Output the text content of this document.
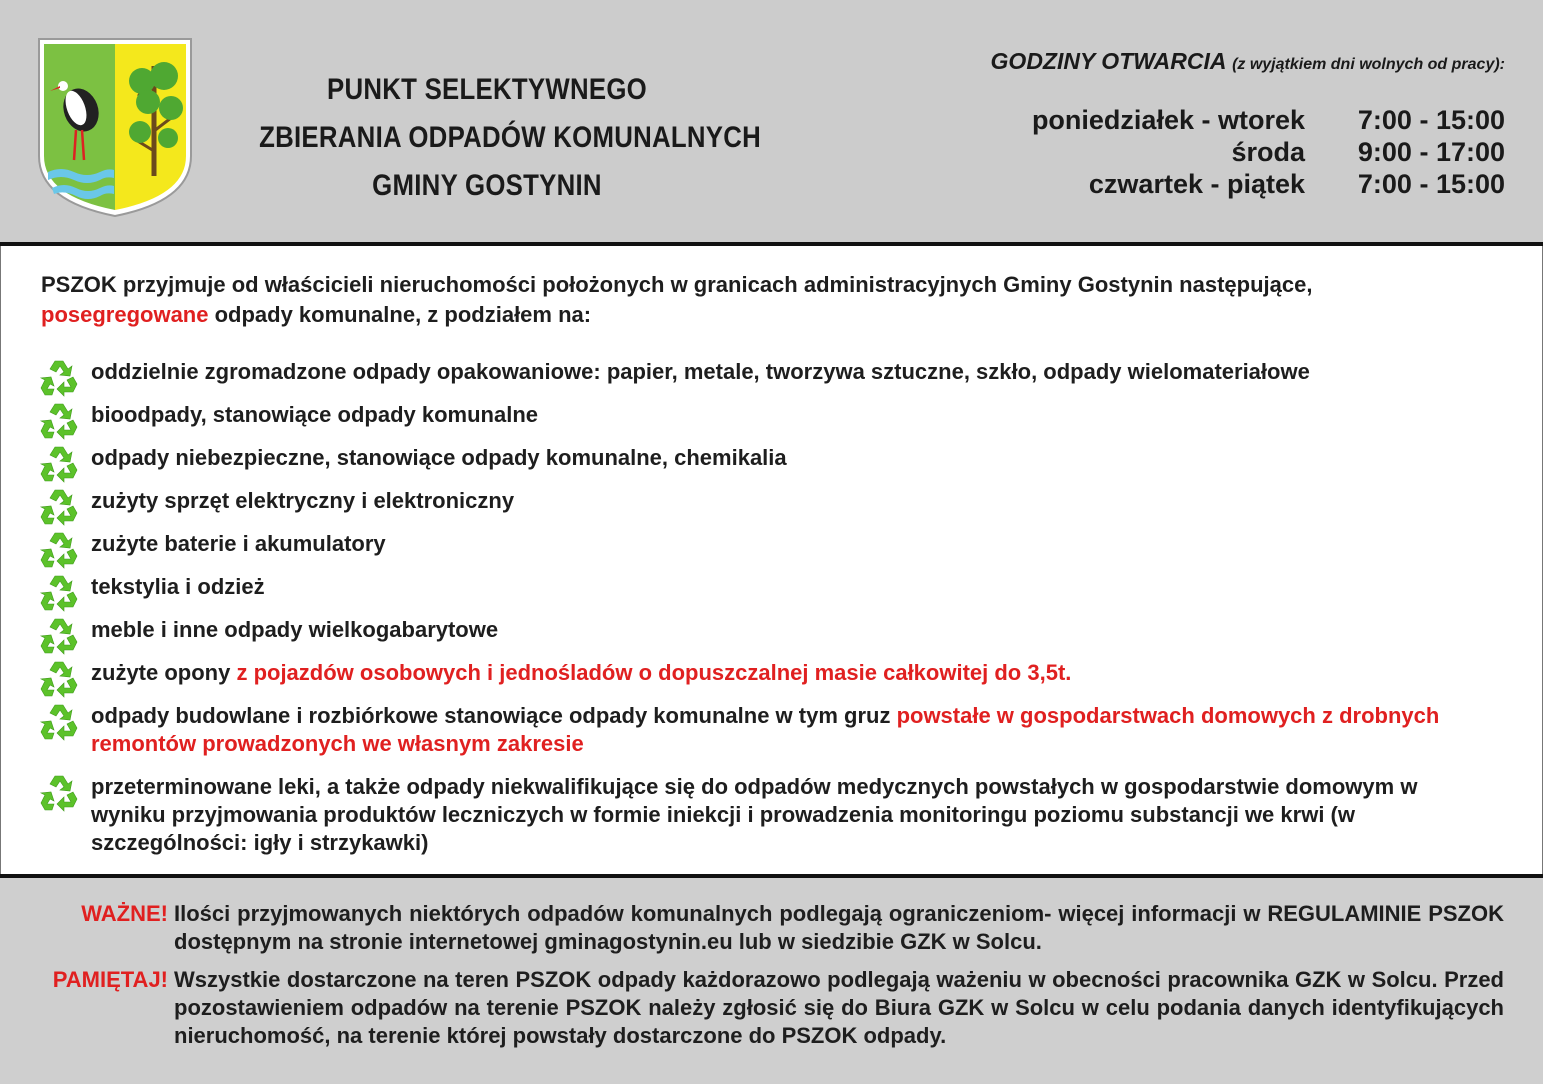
PUNKT SELEKTYWNEGO
ZBIERANIA ODPADÓW KOMUNALNYCH
GMINY GOSTYNIN
GODZINY OTWARCIA (z wyjątkiem dni wolnych od pracy):
poniedziałek - wtorek	7:00 - 15:00
środa	9:00 - 17:00
czwartek - piątek	7:00 - 15:00
PSZOK przyjmuje od właścicieli nieruchomości położonych w granicach administracyjnych Gminy Gostynin następujące,
posegregowane odpady komunalne, z podziałem na:
oddzielnie zgromadzone odpady opakowaniowe: papier, metale, tworzywa sztuczne, szkło, odpady wielomateriałowe
bioodpady, stanowiące odpady komunalne
odpady niebezpieczne, stanowiące odpady komunalne, chemikalia
zużyty sprzęt elektryczny i elektroniczny
zużyte baterie i akumulatory
tekstylia i odzież
meble i inne odpady wielkogabarytowe
zużyte opony z pojazdów osobowych i jednośladów o dopuszczalnej masie całkowitej do 3,5t.
odpady budowlane i rozbiórkowe stanowiące odpady komunalne w tym gruz powstałe w gospodarstwach domowych z drobnych remontów prowadzonych we własnym zakresie
przeterminowane leki, a także odpady niekwalifikujące się do odpadów medycznych powstałych w gospodarstwie domowym w wyniku przyjmowania produktów leczniczych w formie iniekcji i prowadzenia monitoringu poziomu substancji we krwi (w szczególności: igły i strzykawki)
WAŻNE! Ilości przyjmowanych niektórych odpadów komunalnych podlegają ograniczeniom- więcej informacji w REGULAMINIE PSZOK dostępnym na stronie internetowej gminagostynin.eu lub w siedzibie GZK w Solcu.
PAMIĘTAJ! Wszystkie dostarczone na teren PSZOK odpady każdorazowo podlegają ważeniu w obecności pracownika GZK w Solcu. Przed pozostawieniem odpadów na terenie PSZOK należy zgłosić się do Biura GZK w Solcu w celu podania danych identyfikujących nieruchomość, na terenie której powstały dostarczone do PSZOK odpady.
